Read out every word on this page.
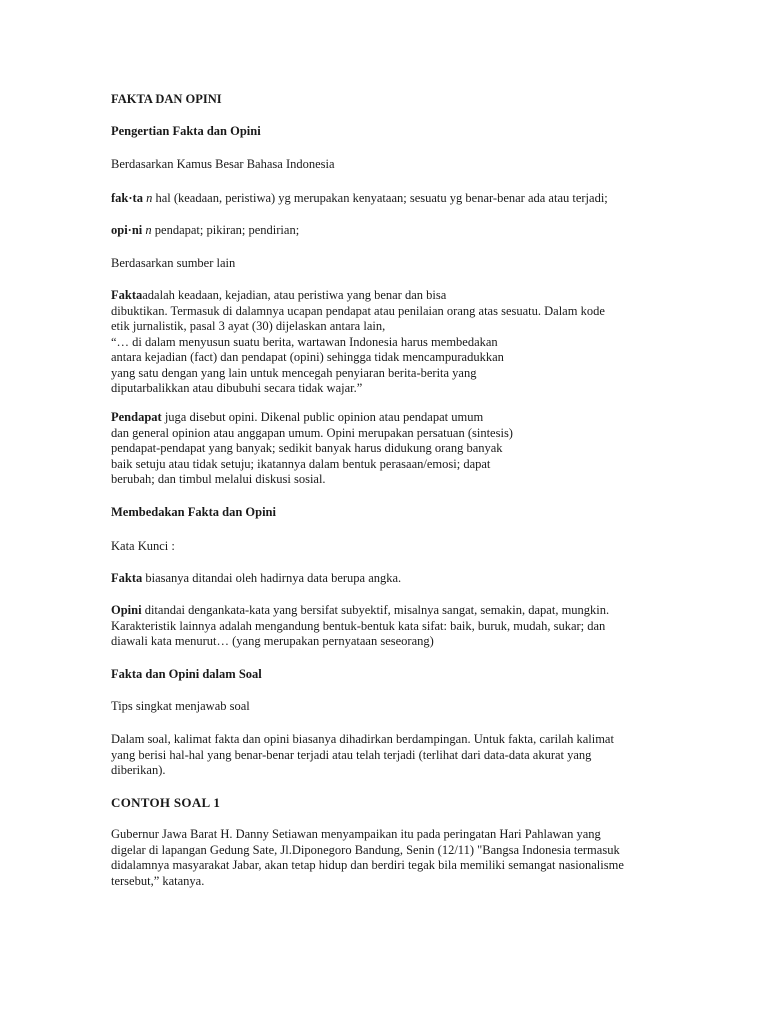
FAKTA DAN OPINI
Pengertian Fakta dan Opini
Berdasarkan Kamus Besar Bahasa Indonesia
fak·ta n hal (keadaan, peristiwa) yg merupakan kenyataan; sesuatu yg benar-benar ada atau terjadi;
opi·ni n pendapat; pikiran; pendirian;
Berdasarkan sumber lain
Faktaadalah keadaan, kejadian, atau peristiwa yang benar dan bisa
dibuktikan. Termasuk di dalamnya ucapan pendapat atau penilaian orang atas sesuatu. Dalam kode
etik jurnalistik, pasal 3 ayat (30) dijelaskan antara lain,
“… di dalam menyusun suatu berita, wartawan Indonesia harus membedakan
antara kejadian (fact) dan pendapat (opini) sehingga tidak mencampuradukkan
yang satu dengan yang lain untuk mencegah penyiaran berita-berita yang
diputarbalikkan atau dibubuhi secara tidak wajar.”
Pendapat juga disebut opini. Dikenal public opinion atau pendapat umum
dan general opinion atau anggapan umum. Opini merupakan persatuan (sintesis)
pendapat-pendapat yang banyak; sedikit banyak harus didukung orang banyak
baik setuju atau tidak setuju; ikatannya dalam bentuk perasaan/emosi; dapat
berubah; dan timbul melalui diskusi sosial.
Membedakan Fakta dan Opini
Kata Kunci :
Fakta biasanya ditandai oleh hadirnya data berupa angka.
Opini ditandai dengankata-kata yang bersifat subyektif, misalnya sangat, semakin, dapat, mungkin.
Karakteristik lainnya adalah mengandung bentuk-bentuk kata sifat: baik, buruk, mudah, sukar; dan
diawali kata menurut… (yang merupakan pernyataan seseorang)
Fakta dan Opini dalam Soal
Tips singkat menjawab soal
Dalam soal, kalimat fakta dan opini biasanya dihadirkan berdampingan. Untuk fakta, carilah kalimat
yang berisi hal-hal yang benar-benar terjadi atau telah terjadi (terlihat dari data-data akurat yang
diberikan).
CONTOH SOAL 1
Gubernur Jawa Barat H. Danny Setiawan menyampaikan itu pada peringatan Hari Pahlawan yang
digelar di lapangan Gedung Sate, Jl.Diponegoro Bandung, Senin (12/11) "Bangsa Indonesia termasuk
didalamnya masyarakat Jabar, akan tetap hidup dan berdiri tegak bila memiliki semangat nasionalisme
tersebut,” katanya.
